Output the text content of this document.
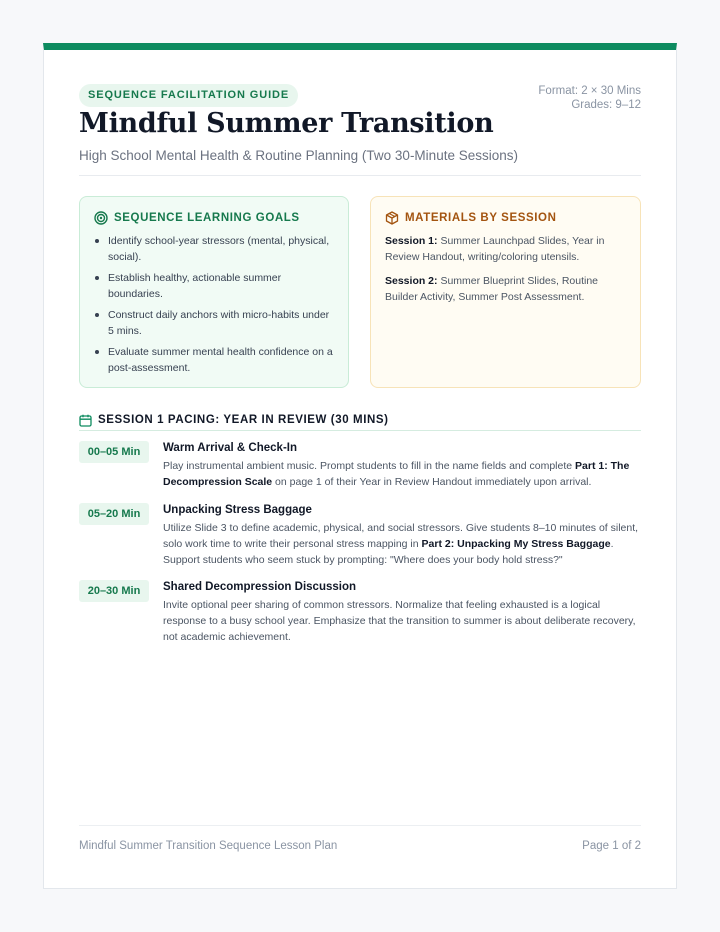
SEQUENCE FACILITATION GUIDE	Format: 2 × 30 Mins
Grades: 9–12
Mindful Summer Transition
High School Mental Health & Routine Planning (Two 30-Minute Sessions)
SEQUENCE LEARNING GOALS
Identify school-year stressors (mental, physical, social).
Establish healthy, actionable summer boundaries.
Construct daily anchors with micro-habits under 5 mins.
Evaluate summer mental health confidence on a post-assessment.
MATERIALS BY SESSION
Session 1: Summer Launchpad Slides, Year in Review Handout, writing/coloring utensils.
Session 2: Summer Blueprint Slides, Routine Builder Activity, Summer Post Assessment.
SESSION 1 PACING: YEAR IN REVIEW (30 MINS)
00–05 Min	Warm Arrival & Check-In
Play instrumental ambient music. Prompt students to fill in the name fields and complete Part 1: The Decompression Scale on page 1 of their Year in Review Handout immediately upon arrival.
05–20 Min	Unpacking Stress Baggage
Utilize Slide 3 to define academic, physical, and social stressors. Give students 8–10 minutes of silent, solo work time to write their personal stress mapping in Part 2: Unpacking My Stress Baggage. Support students who seem stuck by prompting: "Where does your body hold stress?"
20–30 Min	Shared Decompression Discussion
Invite optional peer sharing of common stressors. Normalize that feeling exhausted is a logical response to a busy school year. Emphasize that the transition to summer is about deliberate recovery, not academic achievement.
Mindful Summer Transition Sequence Lesson Plan	Page 1 of 2
